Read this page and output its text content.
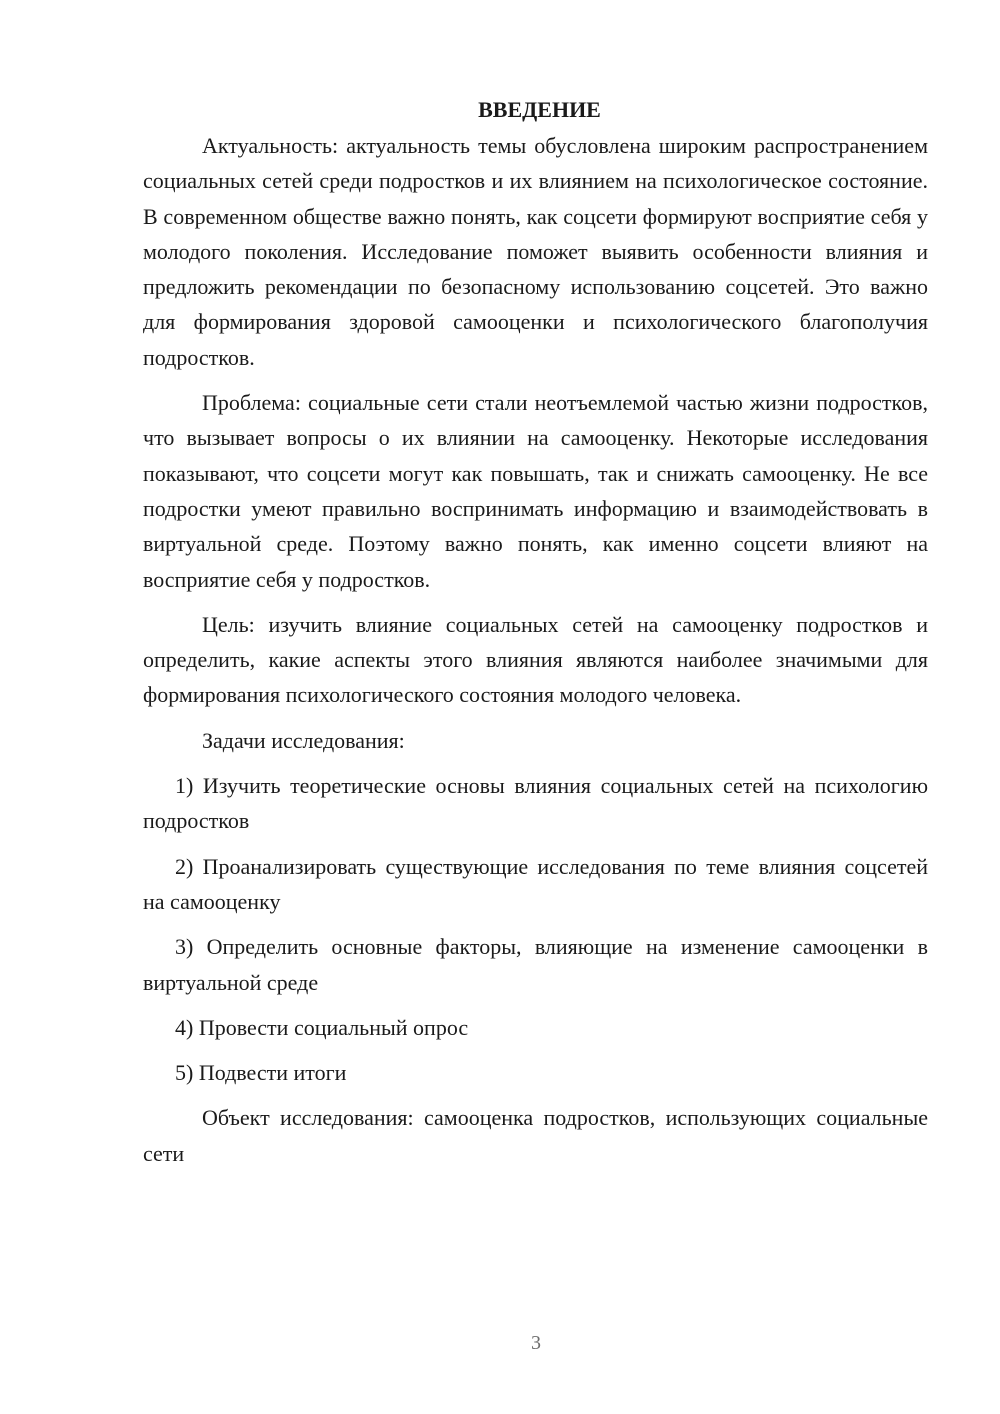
ВВЕДЕНИЕ

Актуальность: актуальность темы обусловлена широким распространением социальных сетей среди подростков и их влиянием на психологическое состояние. В современном обществе важно понять, как соцсети формируют восприятие себя у молодого поколения. Исследование поможет выявить особенности влияния и предложить рекомендации по безопасному использованию соцсетей. Это важно для формирования здоровой самооценки и психологического благополучия подростков.

Проблема: социальные сети стали неотъемлемой частью жизни подростков, что вызывает вопросы о их влиянии на самооценку. Некоторые исследования показывают, что соцсети могут как повышать, так и снижать самооценку. Не все подростки умеют правильно воспринимать информацию и взаимодействовать в виртуальной среде. Поэтому важно понять, как именно соцсети влияют на восприятие себя у подростков.

Цель: изучить влияние социальных сетей на самооценку подростков и определить, какие аспекты этого влияния являются наиболее значимыми для формирования психологического состояния молодого человека.

Задачи исследования:

1) Изучить теоретические основы влияния социальных сетей на психологию подростков

2) Проанализировать существующие исследования по теме влияния соцсетей на самооценку

3) Определить основные факторы, влияющие на изменение самооценки в виртуальной среде

4) Провести социальный опрос

5) Подвести итоги

Объект исследования: самооценка подростков, использующих социальные сети

3
